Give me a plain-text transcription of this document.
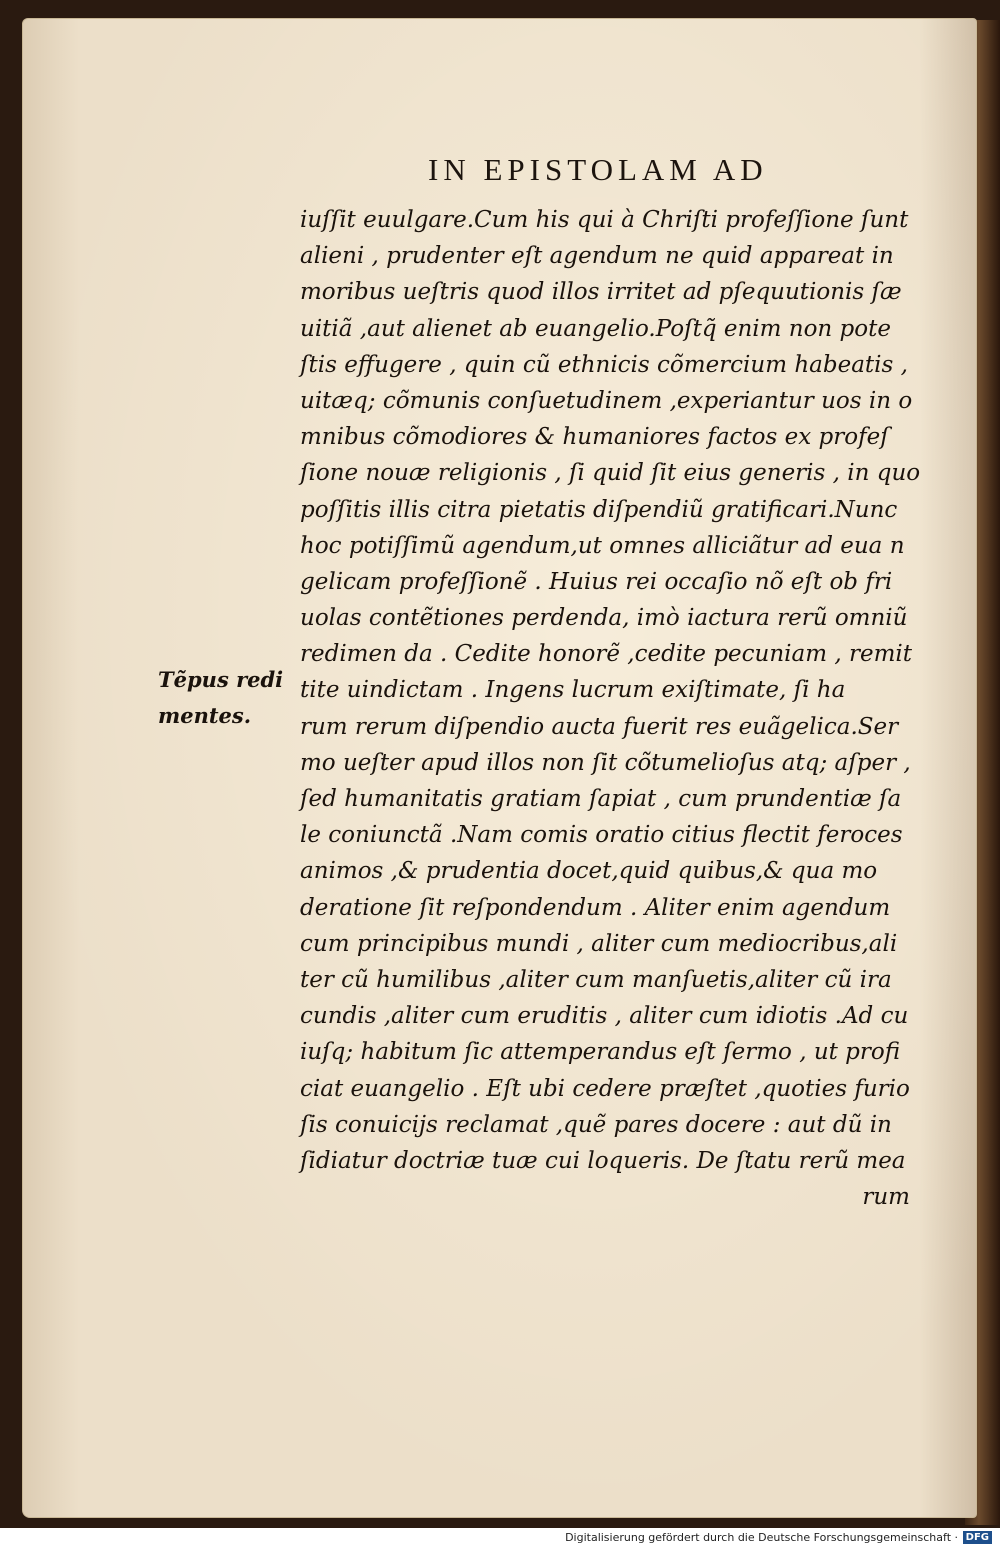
IN EPISTOLAM AD
Tẽpus redi
mentes.
iuſſit euulgare.Cum his qui à Chriſti profeſſione ſunt
alieni , prudenter eſt agendum ne quid appareat in
moribus ueſtris quod illos irritet ad pſequutionis ſæ
uitiã ,aut alienet ab euangelio.Poſtq̃ enim non pote
ſtis effugere , quin cũ ethnicis cõmercium habeatis ,
uitæq; cõmunis conſuetudinem ,experiantur uos in o
mnibus cõmodiores & humaniores factos ex profeſ
ſione nouæ religionis , ſi quid ſit eius generis , in quo
poſſitis illis citra pietatis diſpendiũ gratificari.Nunc
hoc potiſſimũ agendum,ut omnes alliciãtur ad eua n
gelicam profeſſionẽ . Huius rei occaſio nõ eſt ob fri
uolas contẽtiones perdenda, imò iactura rerũ omniũ
redimen da . Cedite honorẽ ,cedite pecuniam , remit
tite uindictam . Ingens lucrum exiſtimate, ſi ha
rum rerum diſpendio aucta fuerit res euãgelica.Ser
mo ueſter apud illos non ſit cõtumelioſus atq; aſper ,
ſed humanitatis gratiam ſapiat , cum prundentiæ ſa
le coniunctã .Nam comis oratio citius flectit feroces
animos ,& prudentia docet,quid quibus,& qua mo
deratione ſit reſpondendum . Aliter enim agendum
cum principibus mundi , aliter cum mediocribus,ali
ter cũ humilibus ,aliter cum manſuetis,aliter cũ ira
cundis ,aliter cum eruditis , aliter cum idiotis .Ad cu
iuſq; habitum ſic attemperandus eſt ſermo , ut profi
ciat euangelio . Eſt ubi cedere præſtet ,quoties furio
ſis conuicijs reclamat ,quẽ pares docere : aut dũ in
ſidiatur doctriæ tuæ cui loqueris. De ſtatu rerũ mea
rum
Digitalisierung gefördert durch die Deutsche Forschungsgemeinschaft · DFG
